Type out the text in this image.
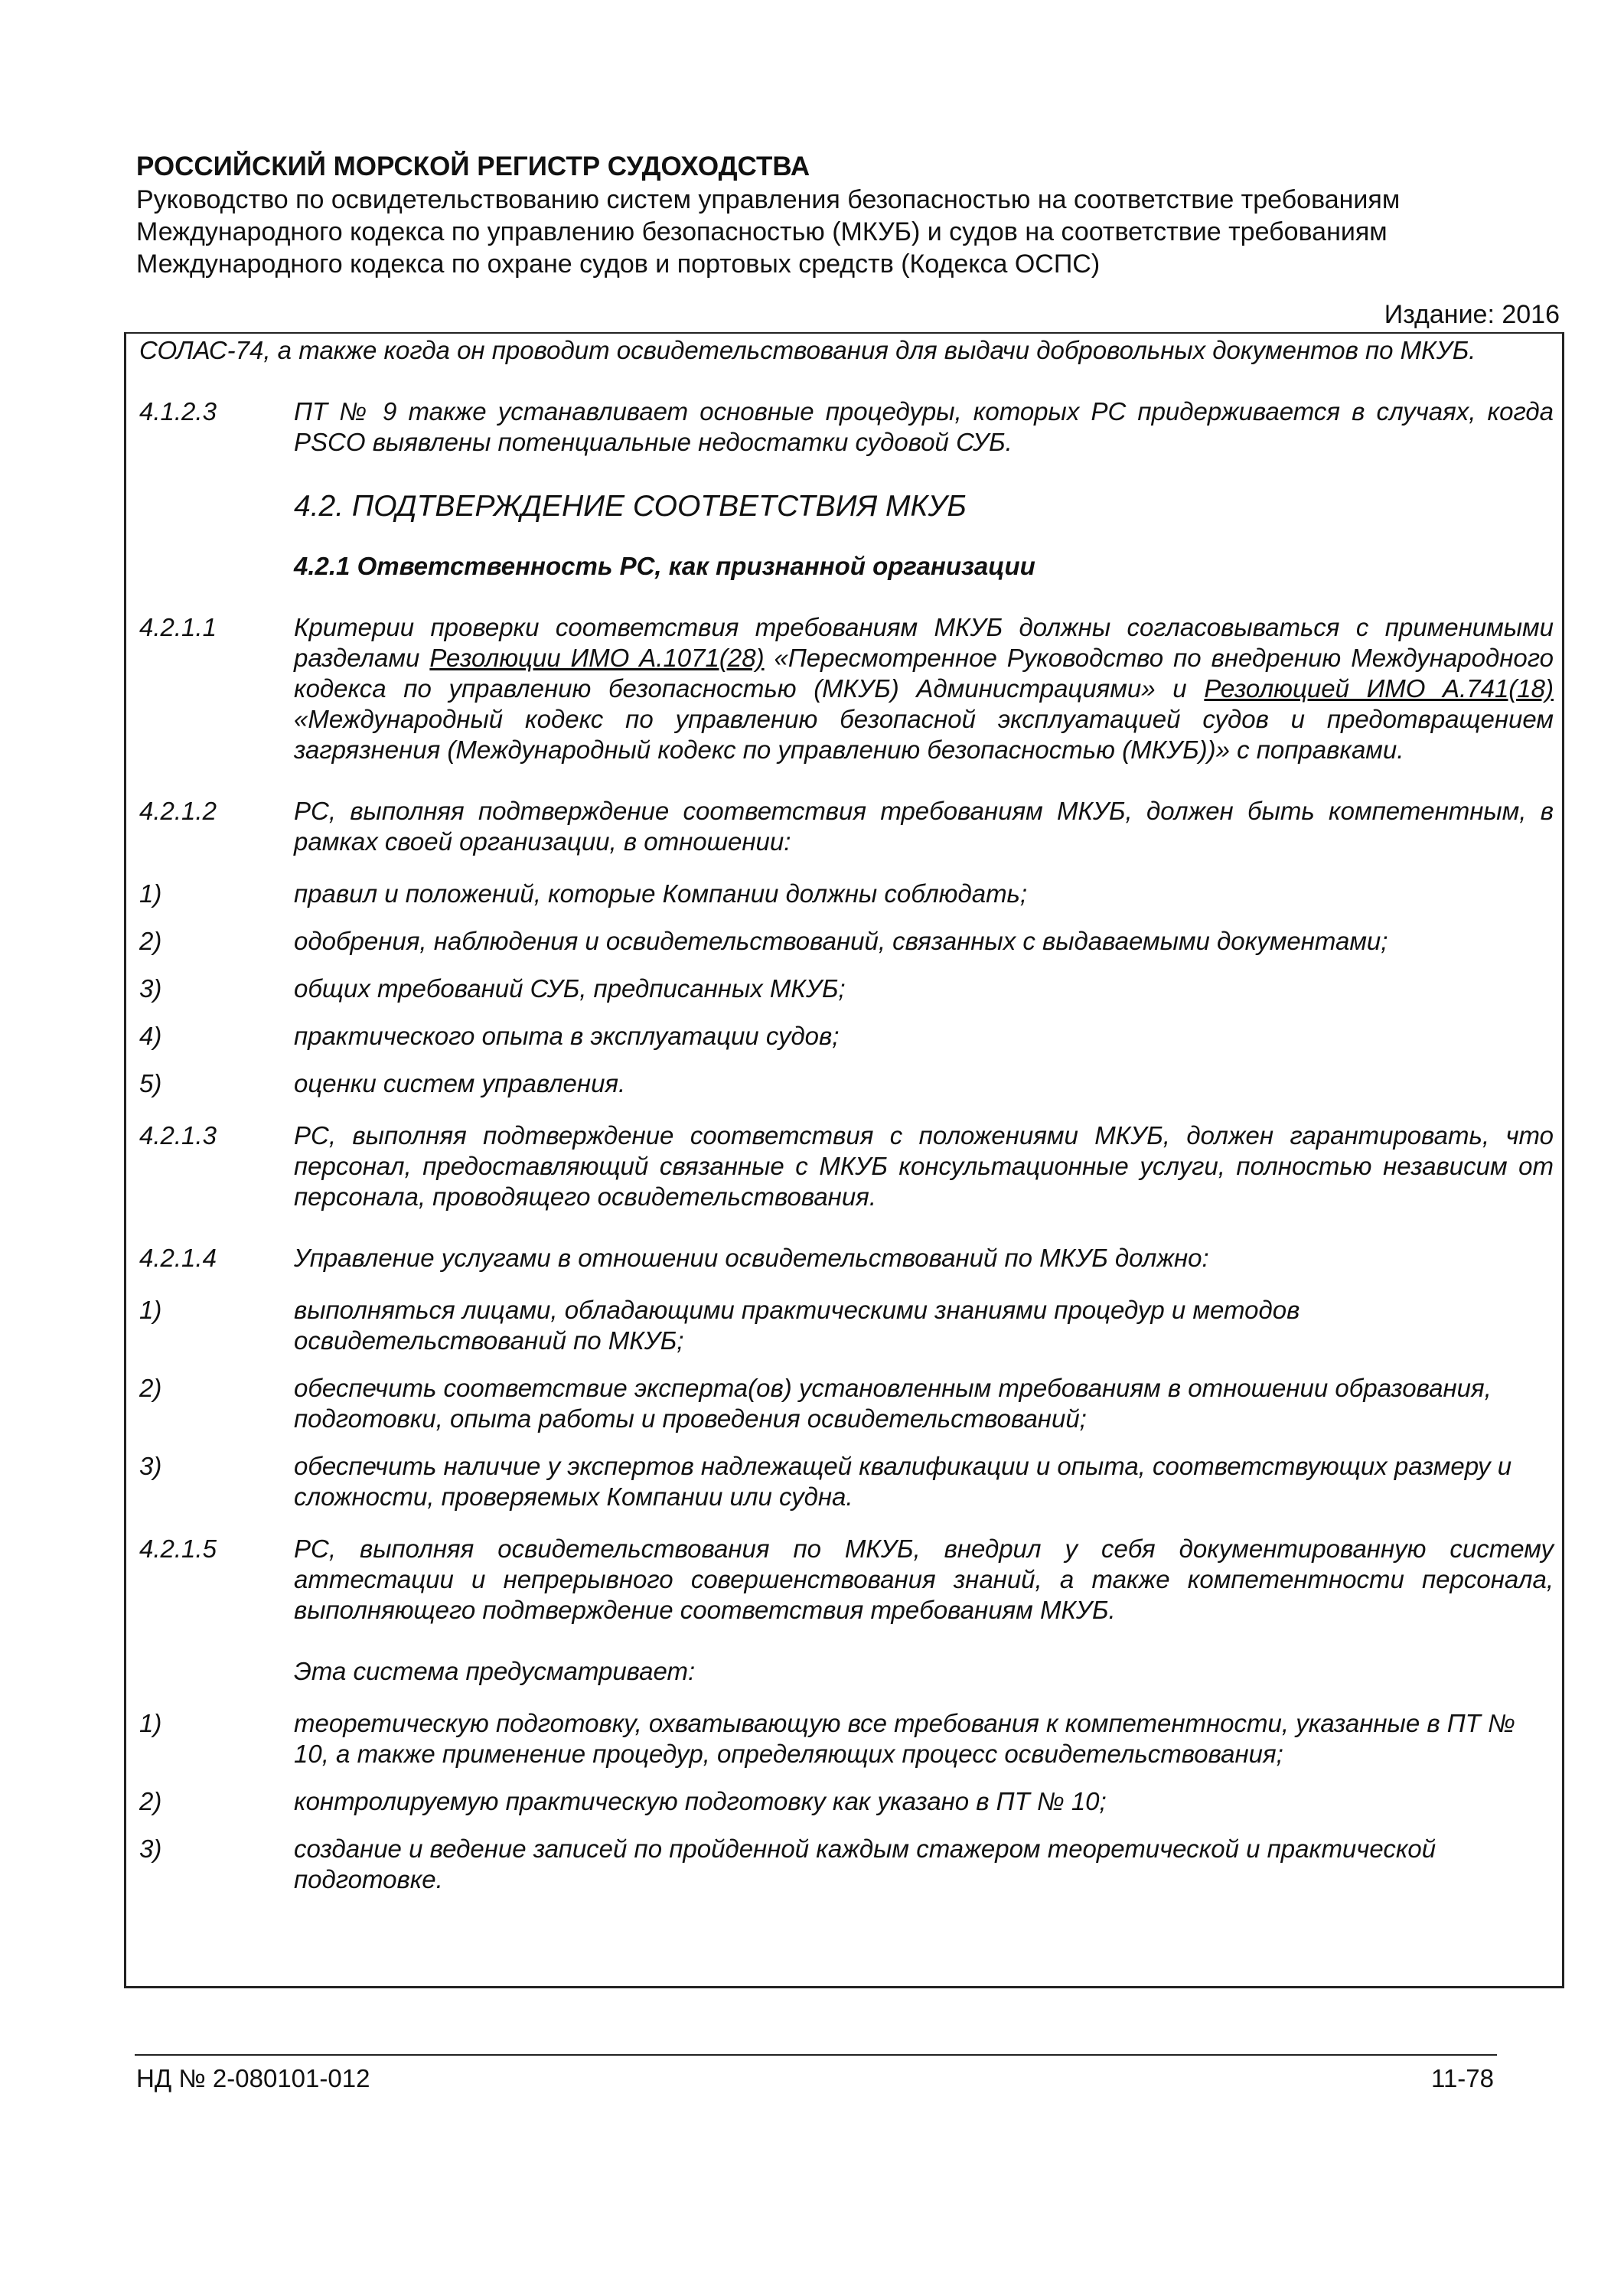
РОССИЙСКИЙ МОРСКОЙ РЕГИСТР СУДОХОДСТВА

Руководство по освидетельствованию систем управления безопасностью на соответствие требованиям

Международного кодекса по управлению безопасностью (МКУБ) и судов на соответствие требованиям

Международного кодекса по охране судов и портовых средств (Кодекса ОСПС)

Издание: 2016

СОЛАС-74, а также когда он проводит освидетельствования для выдачи добровольных документов по МКУБ.

4.1.2.3	ПТ № 9 также устанавливает основные процедуры, которых РС придерживается в случаях, когда PSCO выявлены потенциальные недостатки судовой СУБ.
4.2. ПОДТВЕРЖДЕНИЕ СООТВЕТСТВИЯ МКУБ
4.2.1 Ответственность РС, как признанной организации
4.2.1.1	Критерии проверки соответствия требованиям МКУБ должны согласовываться с применимыми разделами Резолюции ИМО А.1071(28) «Пересмотренное Руководство по внедрению Международного кодекса по управлению безопасностью (МКУБ) Администрациями» и Резолюцией ИМО А.741(18) «Международный кодекс по управлению безопасной эксплуатацией судов и предотвращением загрязнения (Международный кодекс по управлению безопасностью (МКУБ))» с поправками.

4.2.1.2	РС, выполняя подтверждение соответствия требованиям МКУБ, должен быть компетентным, в рамках своей организации, в отношении:
1)	правил и положений, которые Компании должны соблюдать;
2)	одобрения, наблюдения и освидетельствований, связанных с выдаваемыми документами;
3)	общих требований СУБ, предписанных МКУБ;
4)	практического опыта в эксплуатации судов;
5)	оценки систем управления.
4.2.1.3	РС, выполняя подтверждение соответствия с положениями МКУБ, должен гарантировать, что персонал, предоставляющий связанные с МКУБ консультационные услуги, полностью независим от персонала, проводящего освидетельствования.
4.2.1.4	Управление услугами в отношении освидетельствований по МКУБ должно:
1)	выполняться лицами, обладающими практическими знаниями процедур и методов освидетельствований по МКУБ;
2)	обеспечить соответствие эксперта(ов) установленным требованиям в отношении образования, подготовки, опыта работы и проведения освидетельствований;
3)	обеспечить наличие у экспертов надлежащей квалификации и опыта, соответствующих размеру и сложности, проверяемых Компании или судна.
4.2.1.5	РС, выполняя освидетельствования по МКУБ, внедрил у себя документированную систему аттестации и непрерывного совершенствования знаний, а также компетентности персонала, выполняющего подтверждение соответствия требованиям МКУБ.
Эта система предусматривает:
1)	теоретическую подготовку, охватывающую все требования к компетентности, указанные в ПТ № 10, а также применение процедур, определяющих процесс освидетельствования;
2)	контролируемую практическую подготовку как указано в ПТ № 10;
3)	создание и ведение записей по пройденной каждым стажером теоретической и практической подготовке.
НД № 2-080101-012	11-78
